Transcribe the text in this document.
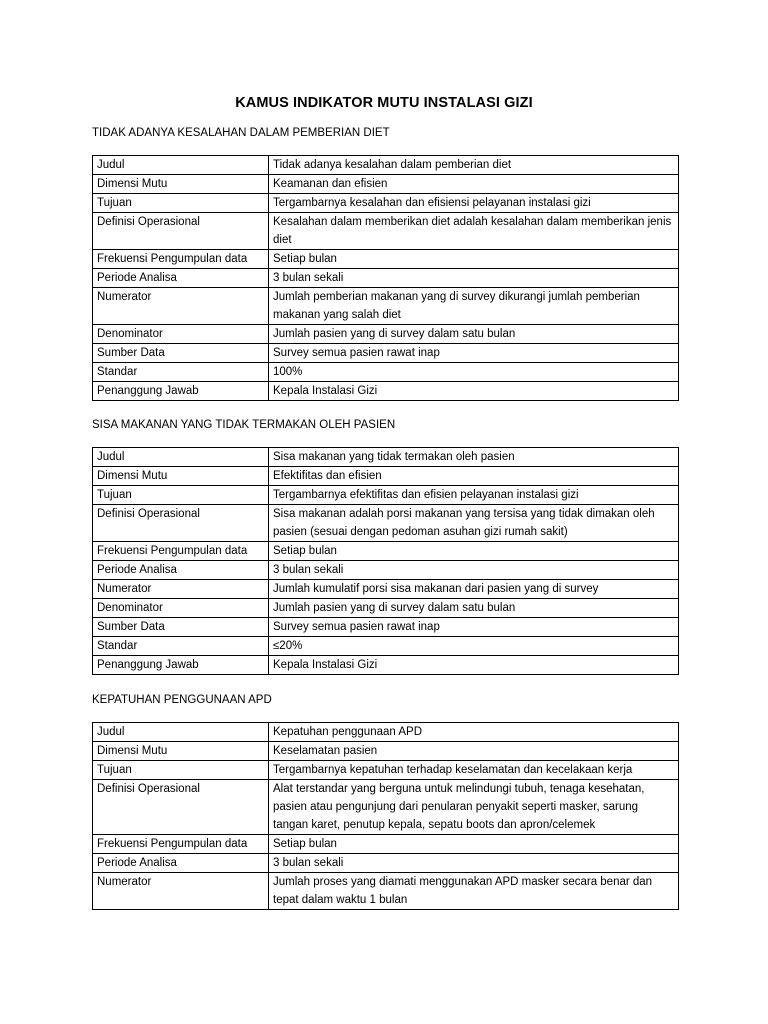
KAMUS INDIKATOR MUTU INSTALASI GIZI
TIDAK ADANYA KESALAHAN DALAM PEMBERIAN DIET
Judul	Tidak adanya kesalahan dalam pemberian diet
Dimensi Mutu	Keamanan dan efisien
Tujuan	Tergambarnya kesalahan dan efisiensi pelayanan instalasi gizi
Definisi Operasional	Kesalahan dalam memberikan diet adalah kesalahan dalam memberikan jenis diet
Frekuensi Pengumpulan data	Setiap bulan
Periode Analisa	3 bulan sekali
Numerator	Jumlah pemberian makanan yang di survey dikurangi jumlah pemberian makanan yang salah diet
Denominator	Jumlah pasien yang di survey dalam satu bulan
Sumber Data	Survey semua pasien rawat inap
Standar	100%
Penanggung Jawab	Kepala Instalasi Gizi
SISA MAKANAN YANG TIDAK TERMAKAN OLEH PASIEN
Judul	Sisa makanan yang tidak termakan oleh pasien
Dimensi Mutu	Efektifitas dan efisien
Tujuan	Tergambarnya efektifitas dan efisien pelayanan instalasi gizi
Definisi Operasional	Sisa makanan adalah porsi makanan yang tersisa yang tidak dimakan oleh pasien (sesuai dengan pedoman asuhan gizi rumah sakit)
Frekuensi Pengumpulan data	Setiap bulan
Periode Analisa	3 bulan sekali
Numerator	Jumlah kumulatif porsi sisa makanan dari pasien yang di survey
Denominator	Jumlah pasien yang di survey dalam satu bulan
Sumber Data	Survey semua pasien rawat inap
Standar	≤20%
Penanggung Jawab	Kepala Instalasi Gizi
KEPATUHAN PENGGUNAAN APD
Judul	Kepatuhan penggunaan APD
Dimensi Mutu	Keselamatan pasien
Tujuan	Tergambarnya kepatuhan terhadap keselamatan dan kecelakaan kerja
Definisi Operasional	Alat terstandar yang berguna untuk melindungi tubuh, tenaga kesehatan, pasien atau pengunjung dari penularan penyakit seperti masker, sarung tangan karet, penutup kepala, sepatu boots dan apron/celemek
Frekuensi Pengumpulan data	Setiap bulan
Periode Analisa	3 bulan sekali
Numerator	Jumlah proses yang diamati menggunakan APD masker secara benar dan tepat dalam waktu 1 bulan
